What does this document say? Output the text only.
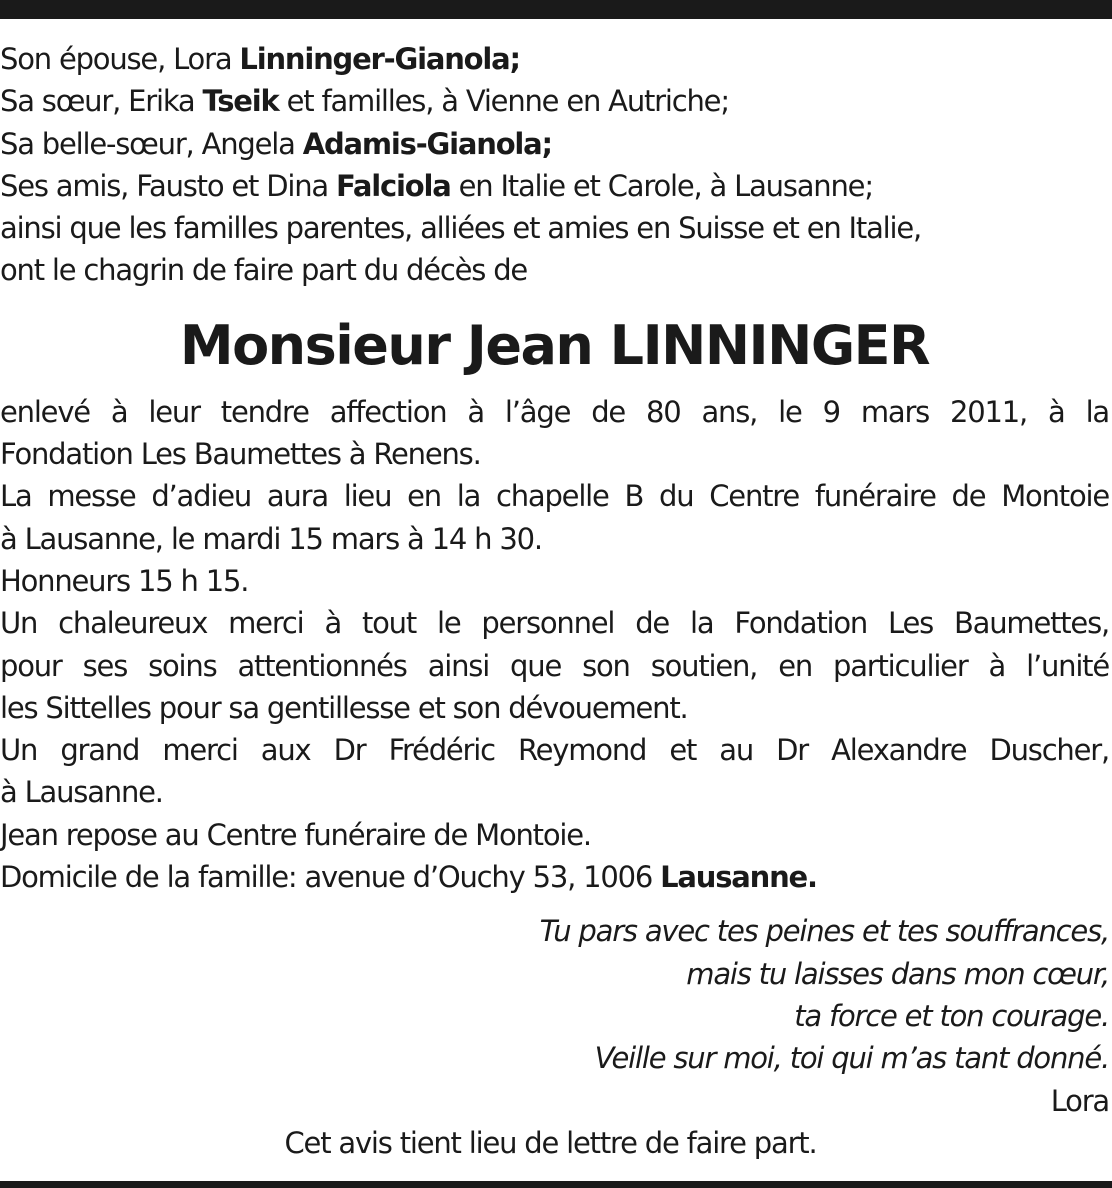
Son épouse, Lora Linninger-Gianola;

Sa sœur, Erika Tseik et familles, à Vienne en Autriche;

Sa belle-sœur, Angela Adamis-Gianola;

Ses amis, Fausto et Dina Falciola en Italie et Carole, à Lausanne;

ainsi que les familles parentes, alliées et amies en Suisse et en Italie,

ont le chagrin de faire part du décès de

Monsieur Jean LINNINGER

enlevé à leur tendre affection à l’âge de 80 ans, le 9 mars 2011, à la

Fondation Les Baumettes à Renens.

La messe d’adieu aura lieu en la chapelle B du Centre funéraire de Montoie

à Lausanne, le mardi 15 mars à 14 h 30.

Honneurs 15 h 15.

Un chaleureux merci à tout le personnel de la Fondation Les Baumettes,

pour ses soins attentionnés ainsi que son soutien, en particulier à l’unité

les Sittelles pour sa gentillesse et son dévouement.

Un grand merci aux Dr Frédéric Reymond et au Dr Alexandre Duscher,

à Lausanne.

Jean repose au Centre funéraire de Montoie.

Domicile de la famille: avenue d’Ouchy 53, 1006 Lausanne.

Tu pars avec tes peines et tes souffrances,

mais tu laisses dans mon cœur,

ta force et ton courage.

Veille sur moi, toi qui m’as tant donné.

Lora

Cet avis tient lieu de lettre de faire part.
